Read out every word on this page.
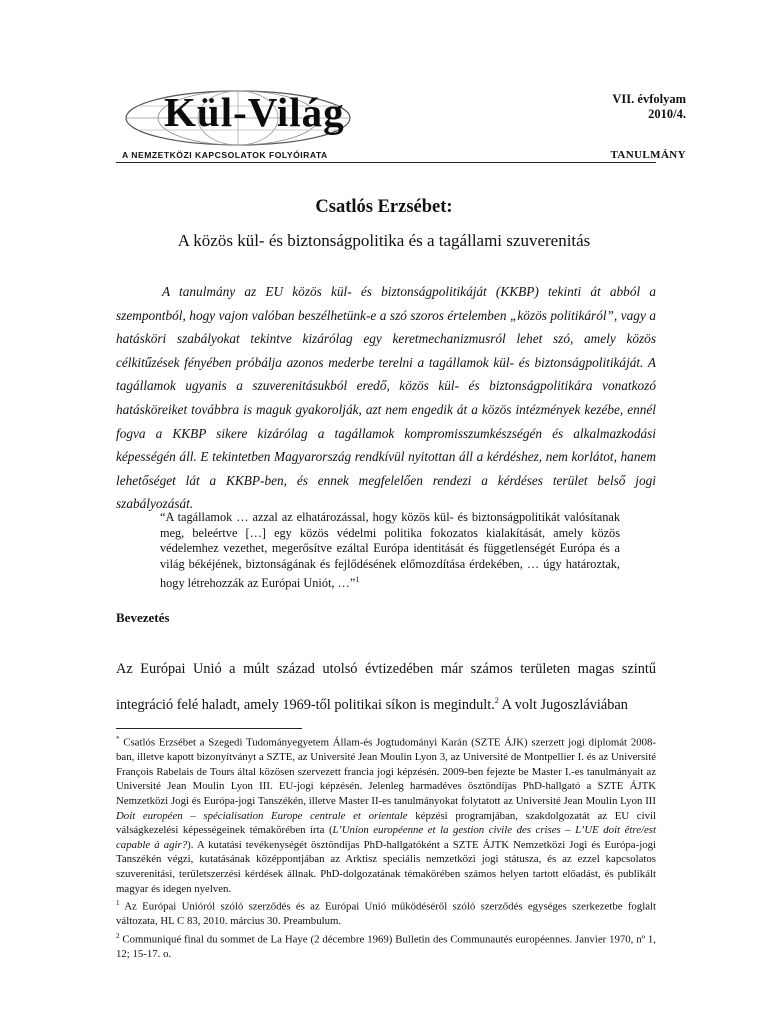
Kül-Világ
A NEMZETKÖZI KAPCSOLATOK FOLYÓIRATA
VII. évfolyam
2010/4.
TANULMÁNY
Csatlós Erzsébet:
A közös kül- és biztonságpolitika és a tagállami szuverenitás

A tanulmány az EU közös kül- és biztonságpolitikáját (KKBP) tekinti át abból a szempontból, hogy vajon valóban beszélhetünk-e a szó szoros értelemben „közös politikáról”, vagy a hatásköri szabályokat tekintve kizárólag egy keretmechanizmusról lehet szó, amely közös célkitűzések fényében próbálja azonos mederbe terelni a tagállamok kül- és biztonságpolitikáját. A tagállamok ugyanis a szuverenitásukból eredő, közös kül- és biztonságpolitikára vonatkozó hatásköreiket továbbra is maguk gyakorolják, azt nem engedik át a közös intézmények kezébe, ennél fogva a KKBP sikere kizárólag a tagállamok kompromisszumkészségén és alkalmazkodási képességén áll. E tekintetben Magyarország rendkívül nyitottan áll a kérdéshez, nem korlátot, hanem lehetőséget lát a KKBP-ben, és ennek megfelelően rendezi a kérdéses terület belső jogi szabályozását.

“A tagállamok … azzal az elhatározással, hogy közös kül- és biztonságpolitikát valósítanak meg, beleértve […] egy közös védelmi politika fokozatos kialakítását, amely közös védelemhez vezethet, megerősítve ezáltal Európa identitását és függetlenségét Európa és a világ békéjének, biztonságának és fejlődésének előmozdítása érdekében, … úgy határoztak, hogy létrehozzák az Európai Uniót, …”$^1$

Bevezetés

Az Európai Unió a múlt század utolsó évtizedében már számos területen magas szintű integráció felé haladt, amely 1969-től politikai síkon is megindult.$^2$ A volt Jugoszláviában

* Csatlós Erzsébet a Szegedi Tudományegyetem Állam-és Jogtudományi Karán (SZTE ÁJK) szerzett jogi diplomát 2008-ban, illetve kapott bizonyítványt a SZTE, az Université Jean Moulin Lyon 3, az Université de Montpellier I. és az Université François Rabelais de Tours által közösen szervezett francia jogi képzésén. 2009-ben fejezte be Master I.-es tanulmányait az Université Jean Moulin Lyon III. EU-jogi képzésén. Jelenleg harmadéves ösztöndíjas PhD-hallgató a SZTE ÁJTK Nemzetközi Jogi és Európa-jogi Tanszékén, illetve Master II-es tanulmányokat folytatott az Université Jean Moulin Lyon III Doit européen – spécialisation Europe centrale et orientale képzési programjában, szakdolgozatát az EU civil válságkezelési képességeinek témakörében írta (L’Union européenne et la gestion civile des crises – L’UE doit être/est capable à agir?). A kutatási tevékenységét ösztöndíjas PhD-hallgatóként a SZTE ÁJTK Nemzetközi Jogi és Európa-jogi Tanszékén végzi, kutatásának középpontjában az Arktisz speciális nemzetközi jogi státusza, és az ezzel kapcsolatos szuverenitási, területszerzési kérdések állnak. PhD-dolgozatának témakörében számos helyen tartott előadást, és publikált magyar és idegen nyelven.

$^1$ Az Európai Unióról szóló szerződés és az Európai Unió működéséről szóló szerződés egységes szerkezetbe foglalt változata, HL C 83, 2010. március 30. Preambulum.

$^2$ Communiqué final du sommet de La Haye (2 décembre 1969) Bulletin des Communautés européennes. Janvier 1970, nº 1, 12; 15-17. o.
